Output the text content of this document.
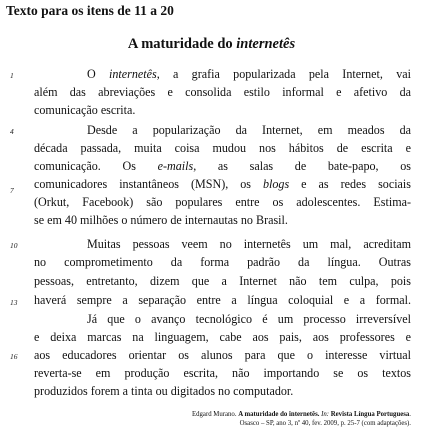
Texto para os itens de 11 a 20
A maturidade do internetês
1
4
7
10
13
16
O internetês, a grafia popularizada pela Internet, vai
além das abreviações e consolida estilo informal e afetivo da
comunicação escrita.
Desde a popularização da Internet, em meados da
década passada, muita coisa mudou nos hábitos de escrita e
comunicação. Os e-mails, as salas de bate-papo, os
comunicadores instantâneos (MSN), os blogs e as redes sociais
(Orkut, Facebook) são populares entre os adolescentes. Estima-
se em 40 milhões o número de internautas no Brasil.
Muitas pessoas veem no internetês um mal, acreditam
no comprometimento da forma padrão da língua. Outras
pessoas, entretanto, dizem que a Internet não tem culpa, pois
haverá sempre a separação entre a língua coloquial e a formal.
Já que o avanço tecnológico é um processo irreversível
e deixa marcas na linguagem, cabe aos pais, aos professores e
aos educadores orientar os alunos para que o interesse virtual
reverta-se em produção escrita, não importando se os textos
produzidos forem a tinta ou digitados no computador.
Edgard Murano. A maturidade do internetês. In: Revista Língua Portuguesa.
Osasco – SP, ano 3, nº 40, fev. 2009, p. 25-7 (com adaptações).
